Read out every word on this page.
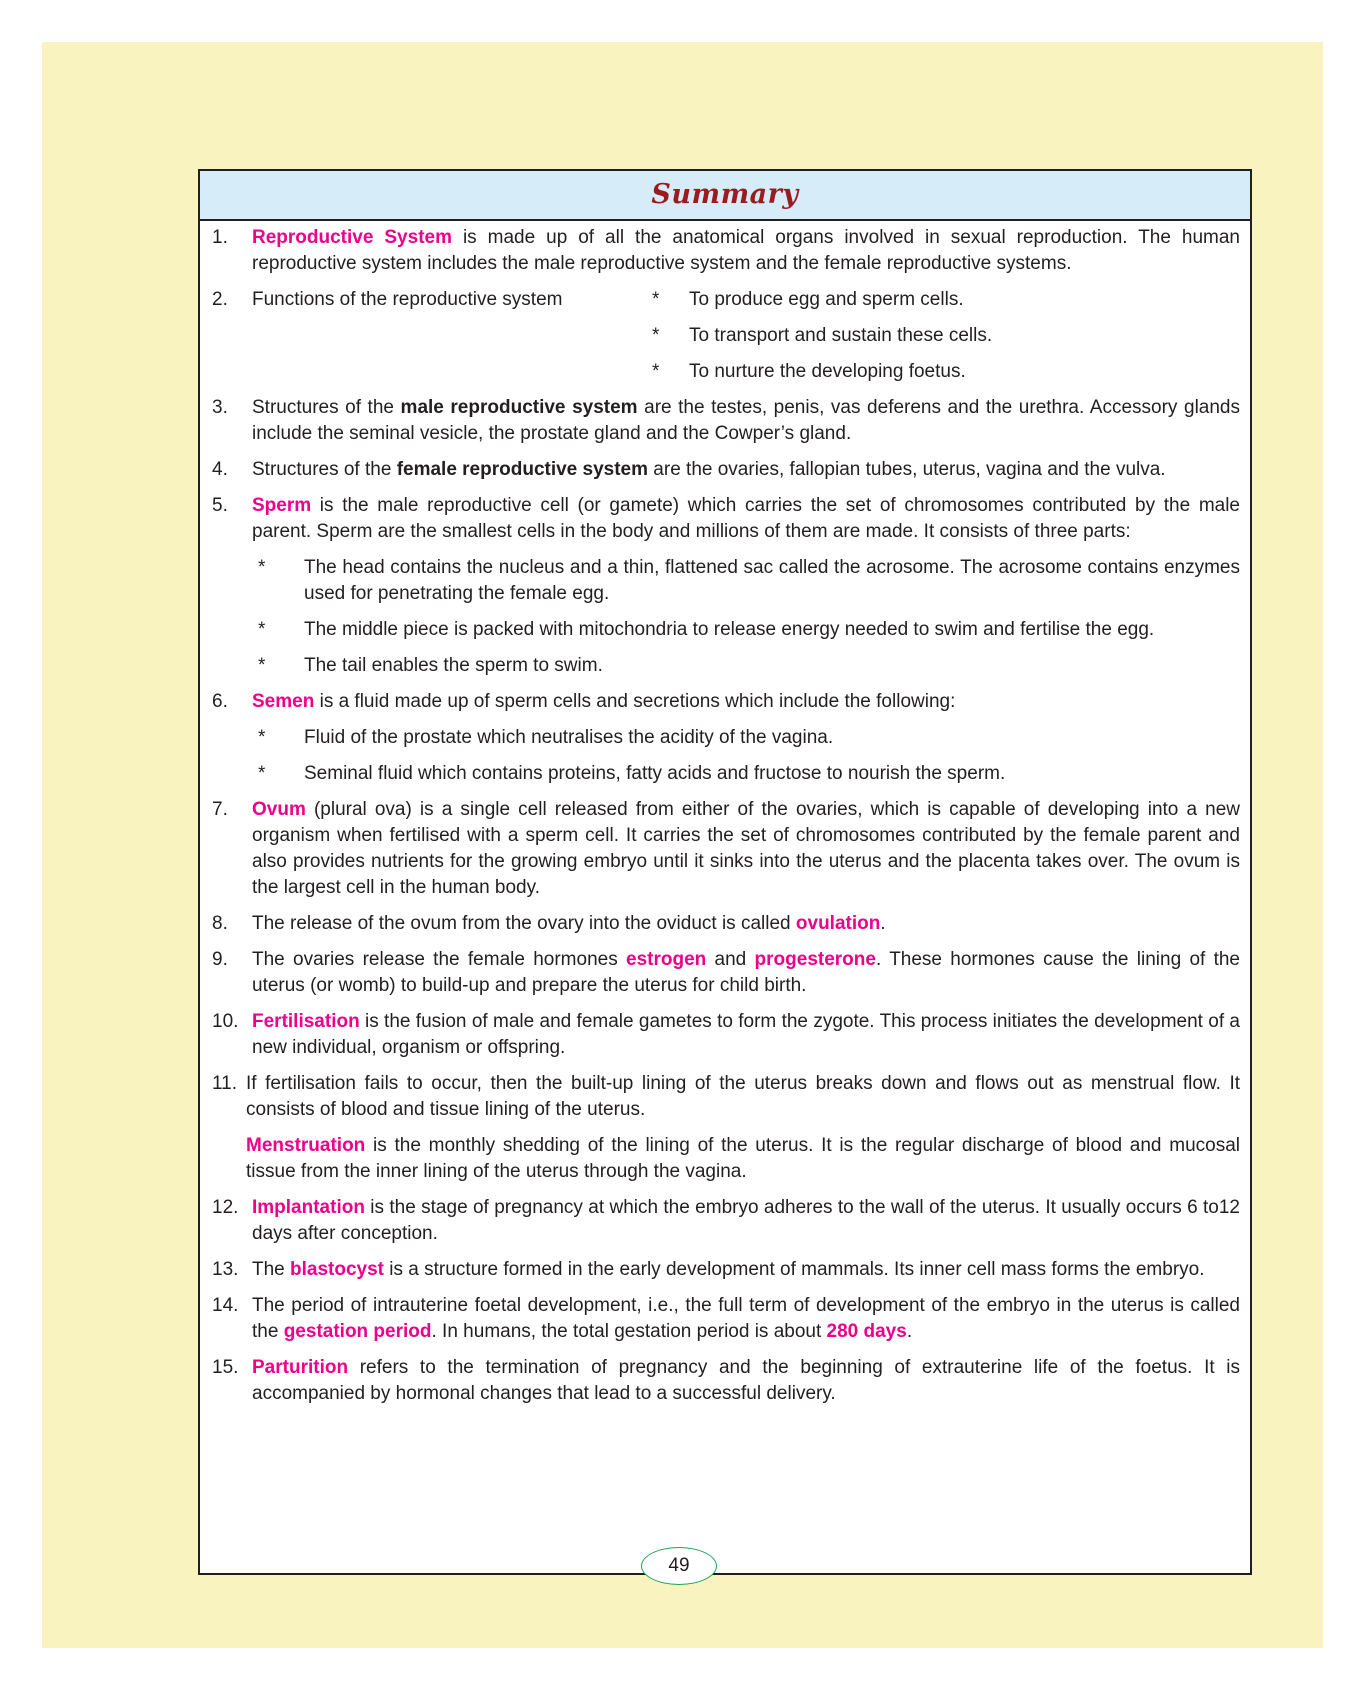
Summary
1. Reproductive System is made up of all the anatomical organs involved in sexual reproduction. The human reproductive system includes the male reproductive system and the female reproductive systems.
2. Functions of the reproductive system	* To produce egg and sperm cells.
* To transport and sustain these cells.
* To nurture the developing foetus.
3. Structures of the male reproductive system are the testes, penis, vas deferens and the urethra. Accessory glands include the seminal vesicle, the prostate gland and the Cowper’s gland.
4. Structures of the female reproductive system are the ovaries, fallopian tubes, uterus, vagina and the vulva.
5. Sperm is the male reproductive cell (or gamete) which carries the set of chromosomes contributed by the male parent. Sperm are the smallest cells in the body and millions of them are made. It consists of three parts:
* The head contains the nucleus and a thin, flattened sac called the acrosome. The acrosome contains enzymes used for penetrating the female egg.
* The middle piece is packed with mitochondria to release energy needed to swim and fertilise the egg.
* The tail enables the sperm to swim.
6. Semen is a fluid made up of sperm cells and secretions which include the following:
* Fluid of the prostate which neutralises the acidity of the vagina.
* Seminal fluid which contains proteins, fatty acids and fructose to nourish the sperm.
7. Ovum (plural ova) is a single cell released from either of the ovaries, which is capable of developing into a new organism when fertilised with a sperm cell. It carries the set of chromosomes contributed by the female parent and also provides nutrients for the growing embryo until it sinks into the uterus and the placenta takes over. The ovum is the largest cell in the human body.
8. The release of the ovum from the ovary into the oviduct is called ovulation.
9. The ovaries release the female hormones estrogen and progesterone. These hormones cause the lining of the uterus (or womb) to build-up and prepare the uterus for child birth.
10. Fertilisation is the fusion of male and female gametes to form the zygote. This process initiates the development of a new individual, organism or offspring.
11. If fertilisation fails to occur, then the built-up lining of the uterus breaks down and flows out as menstrual flow. It consists of blood and tissue lining of the uterus.
Menstruation is the monthly shedding of the lining of the uterus. It is the regular discharge of blood and mucosal tissue from the inner lining of the uterus through the vagina.
12. Implantation is the stage of pregnancy at which the embryo adheres to the wall of the uterus. It usually occurs 6 to12 days after conception.
13. The blastocyst is a structure formed in the early development of mammals. Its inner cell mass forms the embryo.
14. The period of intrauterine foetal development, i.e., the full term of development of the embryo in the uterus is called the gestation period. In humans, the total gestation period is about 280 days.
15. Parturition refers to the termination of pregnancy and the beginning of extrauterine life of the foetus. It is accompanied by hormonal changes that lead to a successful delivery.
49
